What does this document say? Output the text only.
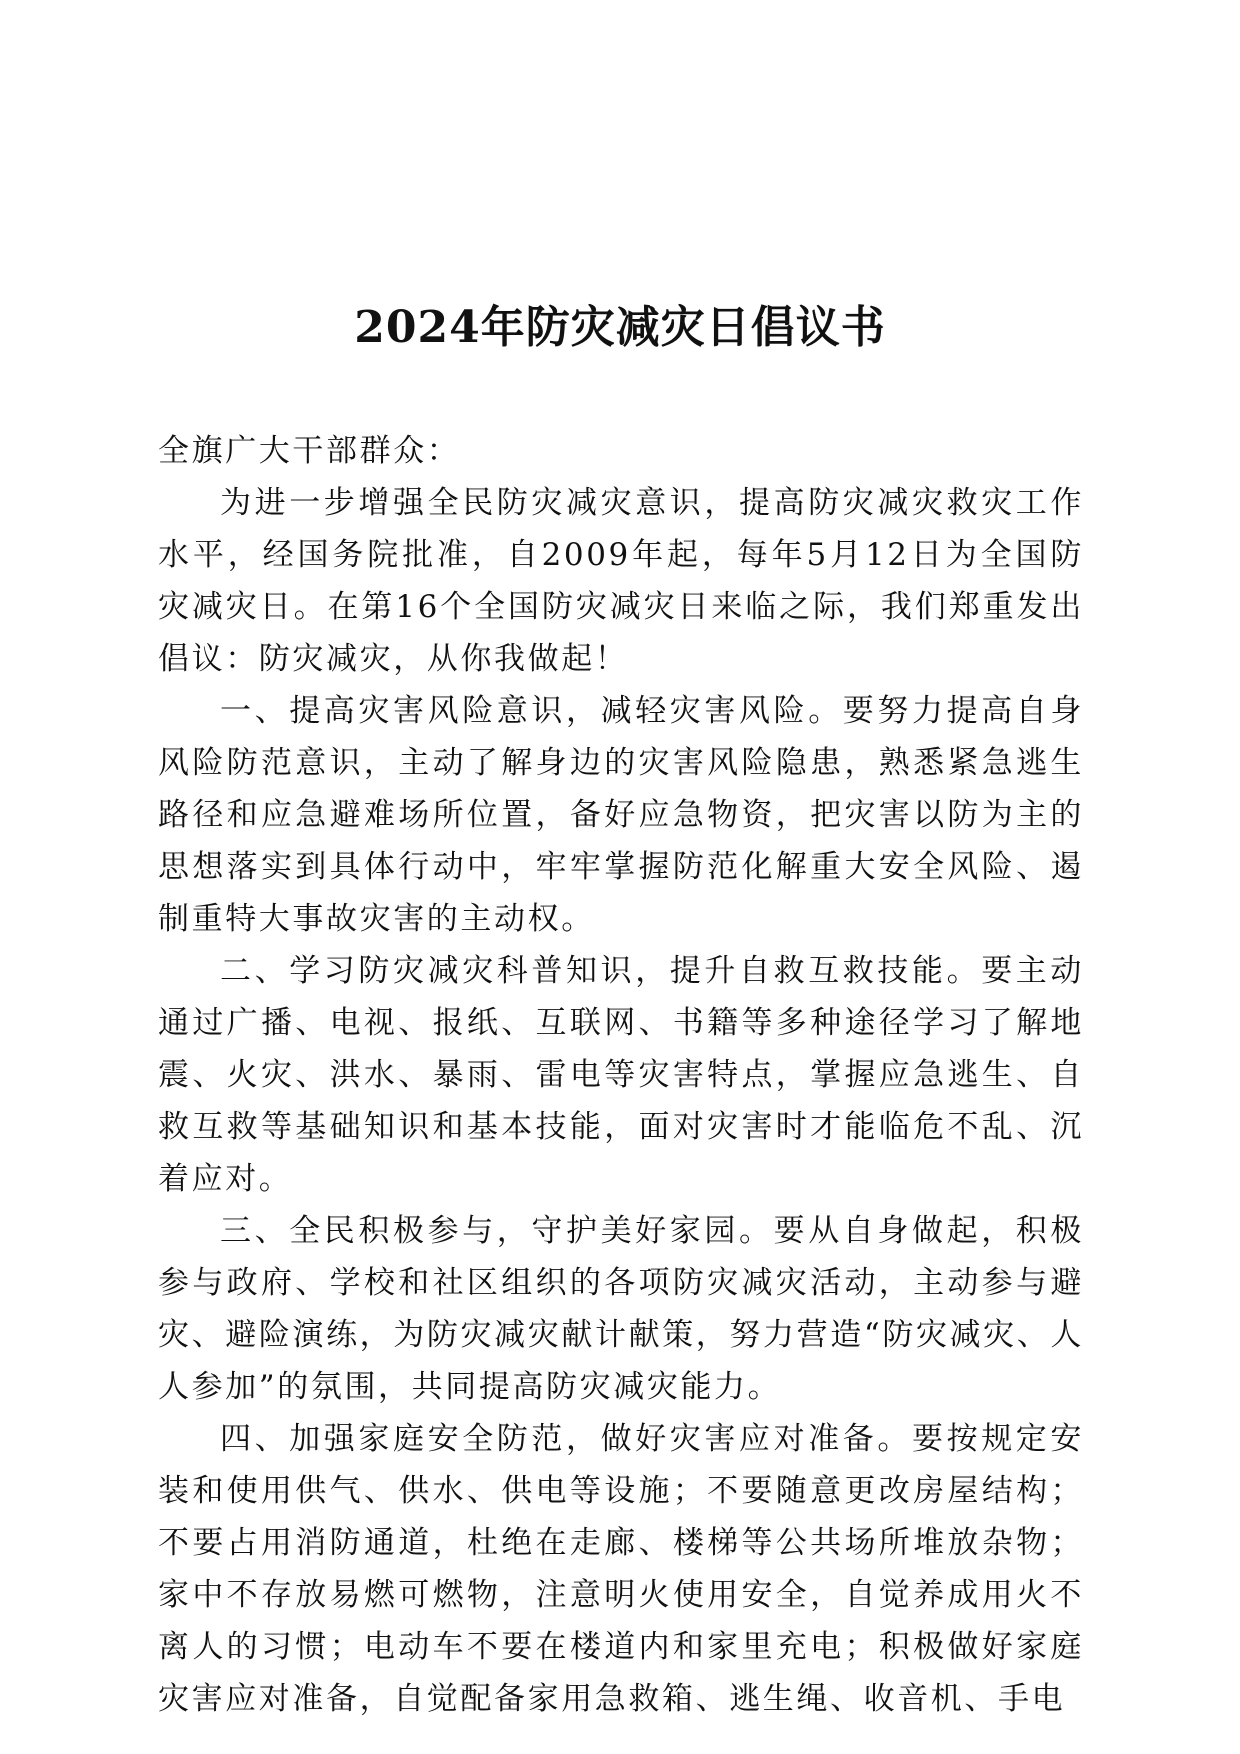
2024年防灾减灾日倡议书

全旗广大干部群众：

为进一步增强全民防灾减灾意识，提高防灾减灾救灾工作水平，经国务院批准，自2009年起，每年5月12日为全国防灾减灾日。在第16个全国防灾减灾日来临之际，我们郑重发出倡议：防灾减灾，从你我做起！

一、提高灾害风险意识，减轻灾害风险。要努力提高自身风险防范意识，主动了解身边的灾害风险隐患，熟悉紧急逃生路径和应急避难场所位置，备好应急物资，把灾害以防为主的思想落实到具体行动中，牢牢掌握防范化解重大安全风险、遏制重特大事故灾害的主动权。

二、学习防灾减灾科普知识，提升自救互救技能。要主动通过广播、电视、报纸、互联网、书籍等多种途径学习了解地震、火灾、洪水、暴雨、雷电等灾害特点，掌握应急逃生、自救互救等基础知识和基本技能，面对灾害时才能临危不乱、沉着应对。

三、全民积极参与，守护美好家园。要从自身做起，积极参与政府、学校和社区组织的各项防灾减灾活动，主动参与避灾、避险演练，为防灾减灾献计献策，努力营造“防灾减灾、人人参加”的氛围，共同提高防灾减灾能力。

四、加强家庭安全防范，做好灾害应对准备。要按规定安装和使用供气、供水、供电等设施；不要随意更改房屋结构；不要占用消防通道，杜绝在走廊、楼梯等公共场所堆放杂物；家中不存放易燃可燃物，注意明火使用安全，自觉养成用火不离人的习惯；电动车不要在楼道内和家里充电；积极做好家庭灾害应对准备，自觉配备家用急救箱、逃生绳、收音机、手电
